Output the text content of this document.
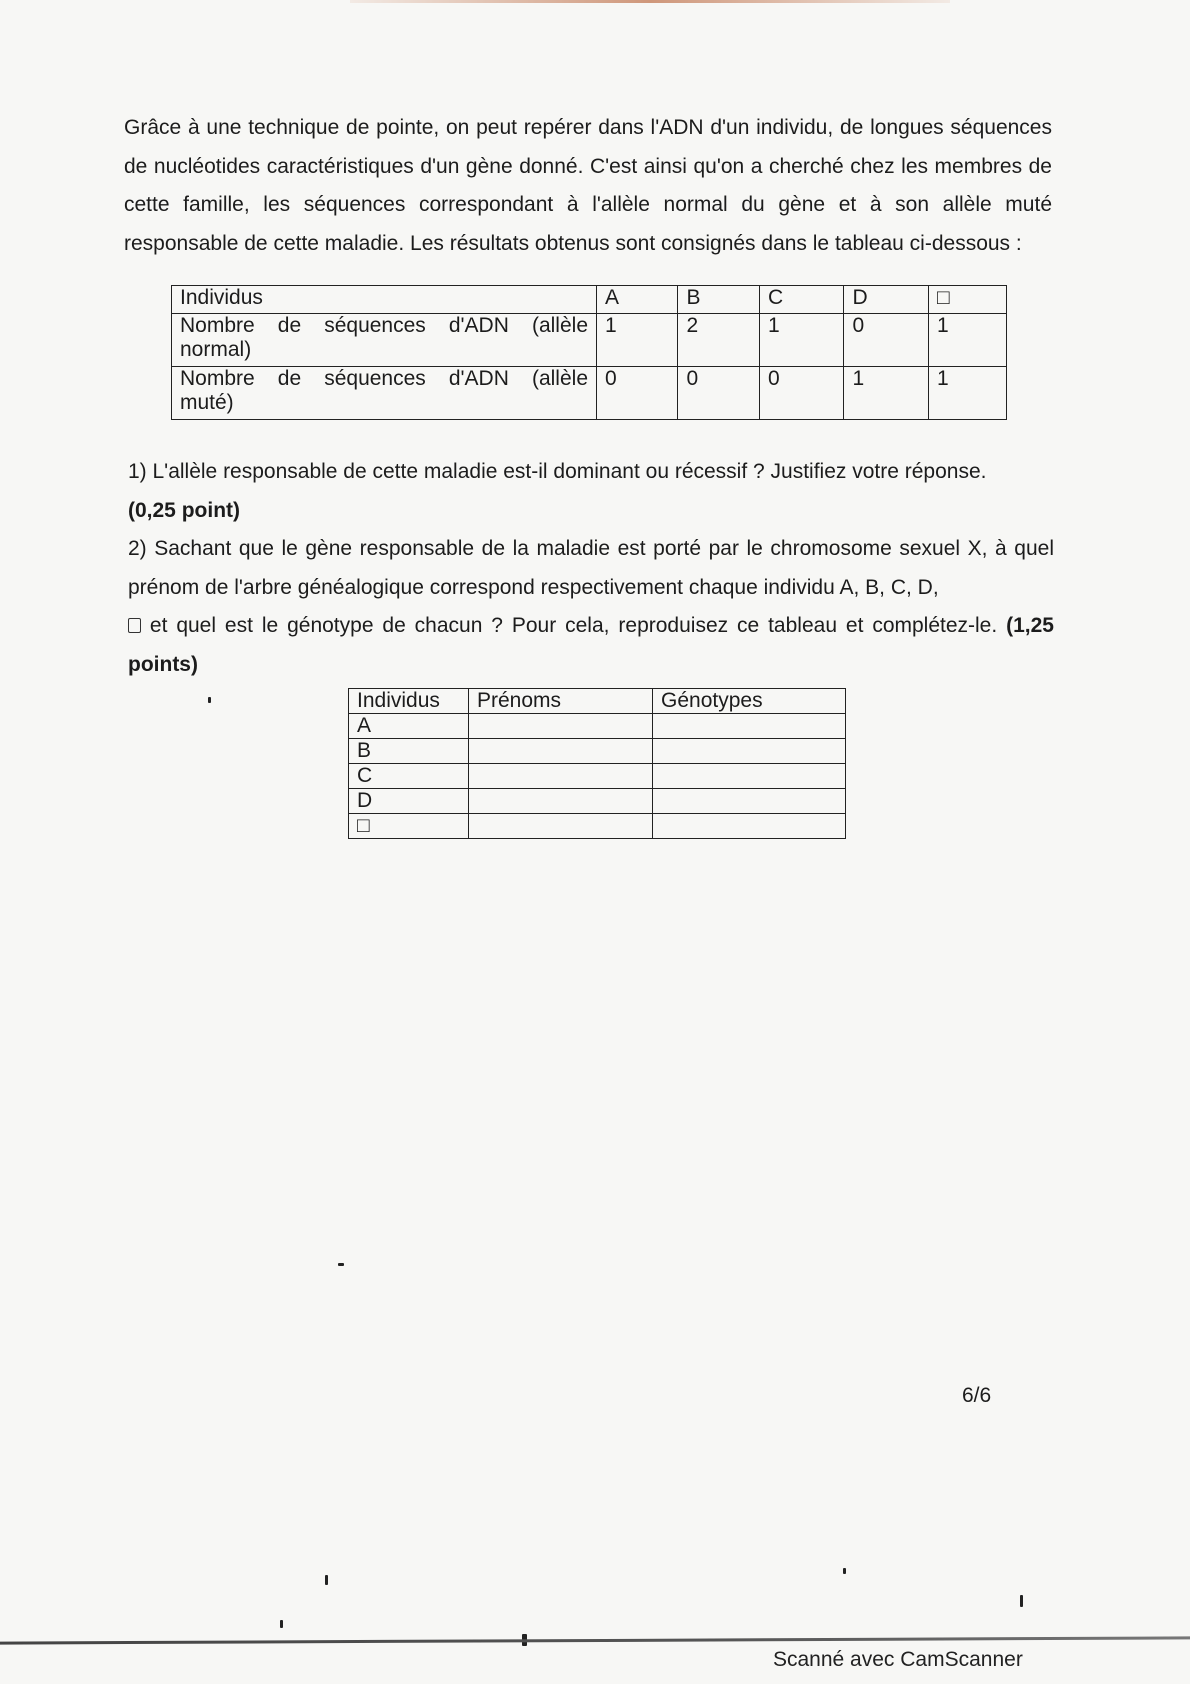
Grâce à une technique de pointe, on peut repérer dans l'ADN d'un individu, de longues séquences de nucléotides caractéristiques d'un gène donné. C'est ainsi qu'on a cherché chez les membres de cette famille, les séquences correspondant à l'allèle normal du gène et à son allèle muté responsable de cette maladie. Les résultats obtenus sont consignés dans le tableau ci-dessous :

Individus	A	B	C	D	□

Nombre de séquences d'ADN (allèle
normal)	1	2	1	0	1

Nombre de séquences d'ADN (allèle
muté)	0	0	0	1	1

1) L'allèle responsable de cette maladie est-il dominant ou récessif ? Justifiez votre réponse.

(0,25 point)

2) Sachant que le gène responsable de la maladie est porté par le chromosome sexuel X, à quel prénom de l'arbre généalogique correspond respectivement chaque individu A, B, C, D,

et quel est le génotype de chacun ? Pour cela, reproduisez ce tableau et complétez-le. (1,25 points)

Individus	Prénoms	Génotypes
A		
B		
C		
D		
□		
6/6
Scanné avec CamScanner
